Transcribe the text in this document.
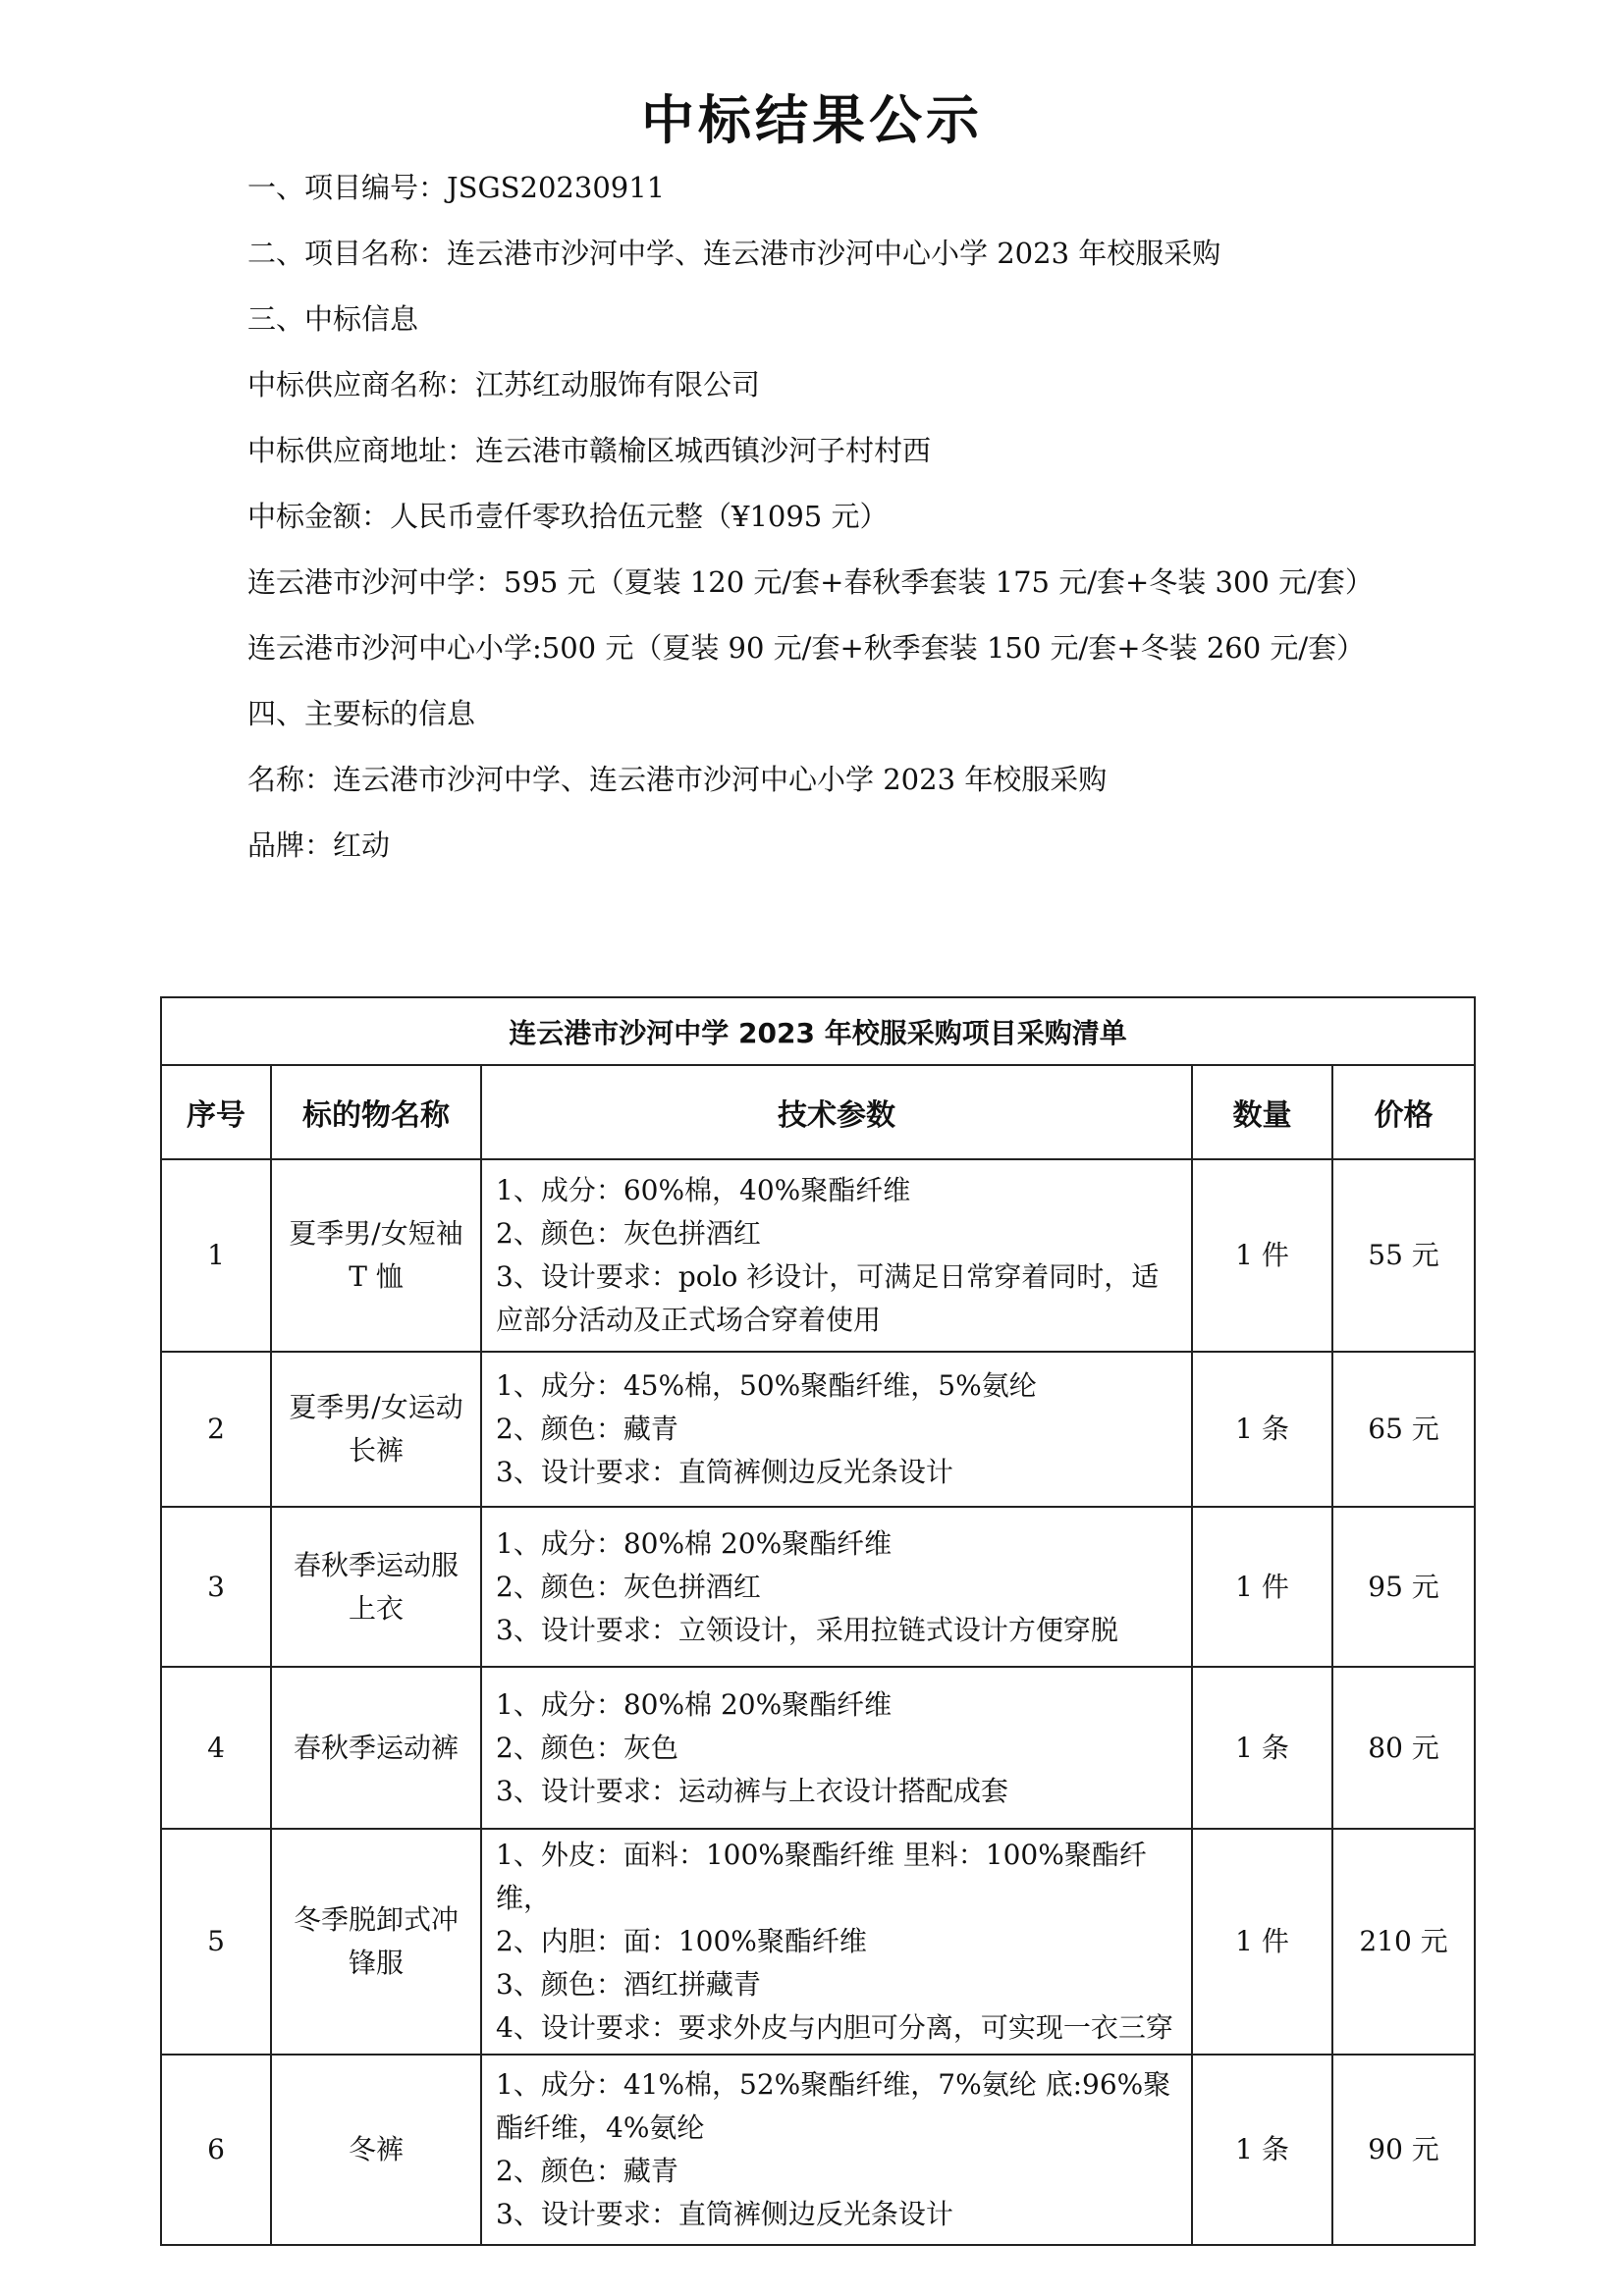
中标结果公示

一、项目编号：JSGS20230911

二、项目名称：连云港市沙河中学、连云港市沙河中心小学 2023 年校服采购

三、中标信息

中标供应商名称：江苏红动服饰有限公司

中标供应商地址：连云港市赣榆区城西镇沙河子村村西

中标金额：人民币壹仟零玖拾伍元整（¥1095 元）

连云港市沙河中学：595 元（夏装 120 元/套+春秋季套装 175 元/套+冬装 300 元/套）

连云港市沙河中心小学:500 元（夏装 90 元/套+秋季套装 150 元/套+冬装 260 元/套）

四、主要标的信息

名称：连云港市沙河中学、连云港市沙河中心小学 2023 年校服采购

品牌：红动

连云港市沙河中学 2023 年校服采购项目采购清单				
序号	标的物名称	技术参数	数量	价格
1	夏季男/女短袖 T 恤	1、成分：60%棉，40%聚酯纤维
2、颜色：灰色拼酒红
3、设计要求：polo 衫设计，可满足日常穿着同时，适应部分活动及正式场合穿着使用	1 件	55 元
2	夏季男/女运动长裤	1、成分：45%棉，50%聚酯纤维，5%氨纶
2、颜色：藏青
3、设计要求：直筒裤侧边反光条设计	1 条	65 元
3	春秋季运动服上衣	1、成分：80%棉 20%聚酯纤维
2、颜色：灰色拼酒红
3、设计要求：立领设计，采用拉链式设计方便穿脱	1 件	95 元
4	春秋季运动裤	1、成分：80%棉 20%聚酯纤维
2、颜色：灰色
3、设计要求：运动裤与上衣设计搭配成套	1 条	80 元
5	冬季脱卸式冲锋服	1、外皮：面料：100%聚酯纤维 里料：100%聚酯纤维，
2、内胆：面：100%聚酯纤维
3、颜色：酒红拼藏青
4、设计要求：要求外皮与内胆可分离，可实现一衣三穿	1 件	210 元
6	冬裤	1、成分：41%棉，52%聚酯纤维，7%氨纶 底:96%聚酯纤维，4%氨纶
2、颜色：藏青
3、设计要求：直筒裤侧边反光条设计	1 条	90 元
